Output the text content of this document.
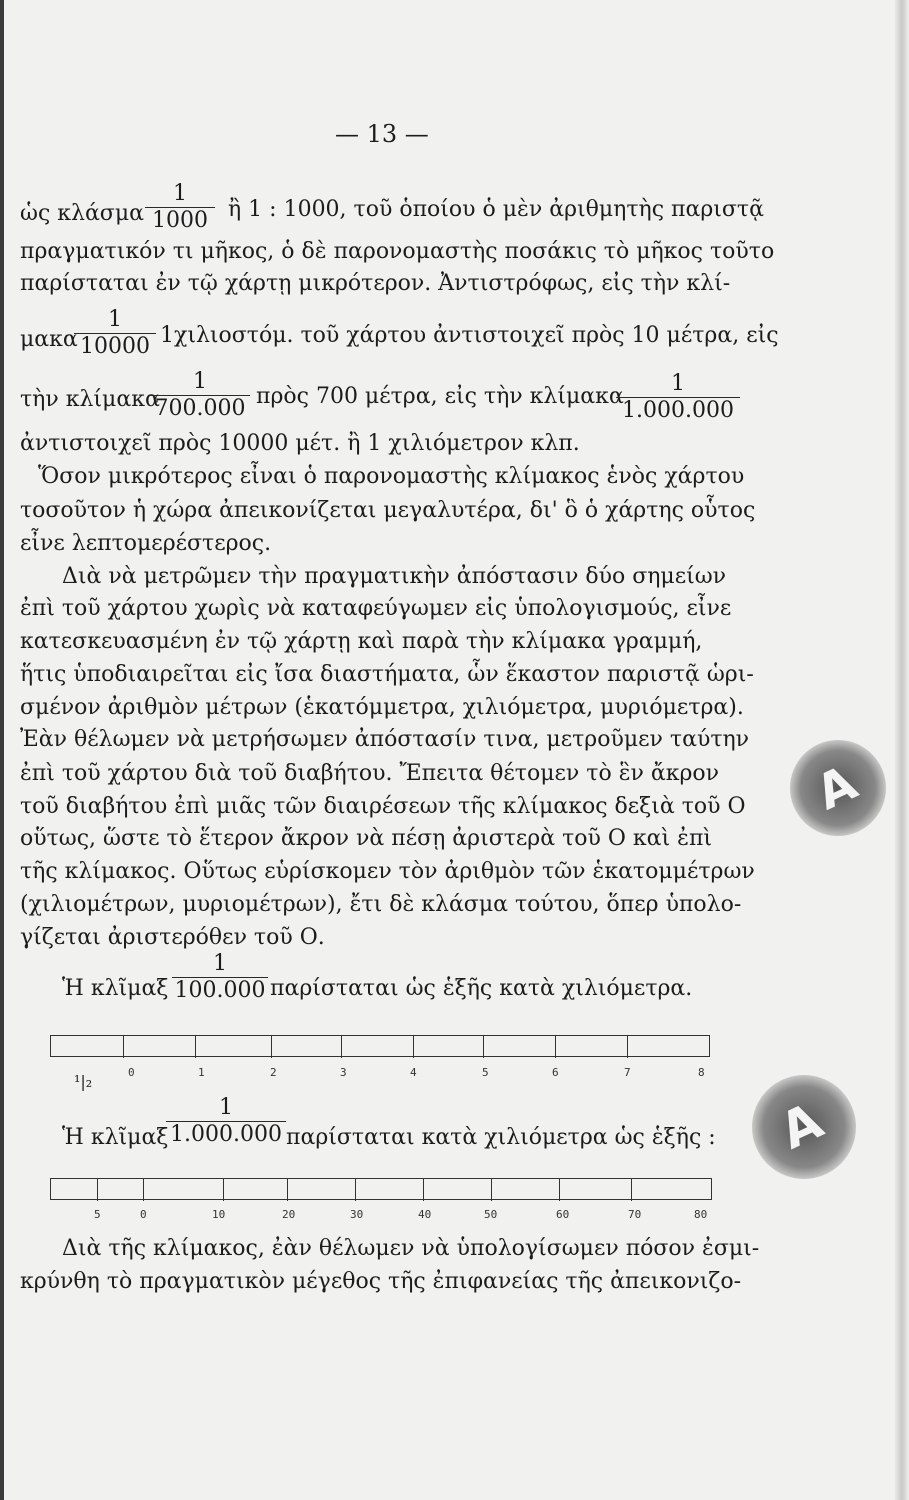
— 13 —
ὡς κλάσμα
1
1000 ἢ 1 : 1000, τοῦ ὁποίου ὁ μὲν ἀριθμητὴς παριστᾷ
πραγματικόν τι μῆκος, ὁ δὲ παρονομαστὴς ποσάκις τὸ μῆκος τοῦτο
παρίσταται ἐν τῷ χάρτῃ μικρότερον. Ἀντιστρόφως, εἰς τὴν κλί-
μακα
1
10000 1χιλιοστόμ. τοῦ χάρτου ἀντιστοιχεῖ πρὸς 10 μέτρα, εἰς
τὴν κλίμακα
1
700.000 πρὸς 700 μέτρα, εἰς τὴν κλίμακα
1
1.000.000
ἀντιστοιχεῖ πρὸς 10000 μέτ. ἢ 1 χιλιόμετρον κλπ.
Ὅσον μικρότερος εἶναι ὁ παρονομαστὴς κλίμακος ἑνὸς χάρτου
τοσοῦτον ἡ χώρα ἀπεικονίζεται μεγαλυτέρα, δι' ὃ ὁ χάρτης οὗτος
εἶνε λεπτομερέστερος.
Διὰ νὰ μετρῶμεν τὴν πραγματικὴν ἀπόστασιν δύο σημείων
ἐπὶ τοῦ χάρτου χωρὶς νὰ καταφεύγωμεν εἰς ὑπολογισμούς, εἶνε
κατεσκευασμένη ἐν τῷ χάρτῃ καὶ παρὰ τὴν κλίμακα γραμμή,
ἥτις ὑποδιαιρεῖται εἰς ἴσα διαστήματα, ὧν ἕκαστον παριστᾷ ὡρι-
σμένον ἀριθμὸν μέτρων (ἑκατόμμετρα, χιλιόμετρα, μυριόμετρα).
Ἐὰν θέλωμεν νὰ μετρήσωμεν ἀπόστασίν τινα, μετροῦμεν ταύτην
ἐπὶ τοῦ χάρτου διὰ τοῦ διαβήτου. Ἔπειτα θέτομεν τὸ ἓν ἄκρον
τοῦ διαβήτου ἐπὶ μιᾶς τῶν διαιρέσεων τῆς κλίμακος δεξιὰ τοῦ Ο
οὕτως, ὥστε τὸ ἕτερον ἄκρον νὰ πέσῃ ἀριστερὰ τοῦ Ο καὶ ἐπὶ
τῆς κλίμακος. Οὕτως εὑρίσκομεν τὸν ἀριθμὸν τῶν ἑκατομμέτρων
(χιλιομέτρων, μυριομέτρων), ἔτι δὲ κλάσμα τούτου, ὅπερ ὑπολο-
γίζεται ἀριστερόθεν τοῦ Ο.
Ἡ κλῖμαξ
1
100.000 παρίσταται ὡς ἑξῆς κατὰ χιλιόμετρα.
¹|₂	0	1	2	3	4	5	6	7	8
Ἡ κλῖμαξ
1
1.000.000 παρίσταται κατὰ χιλιόμετρα ὡς ἑξῆς :
5	0	10	20	30	40	50	60	70	80
Διὰ τῆς κλίμακος, ἐὰν θέλωμεν νὰ ὑπολογίσωμεν πόσον ἐσμι-
κρύνθη τὸ πραγματικὸν μέγεθος τῆς ἐπιφανείας τῆς ἀπεικονιζο-
Α
Α
